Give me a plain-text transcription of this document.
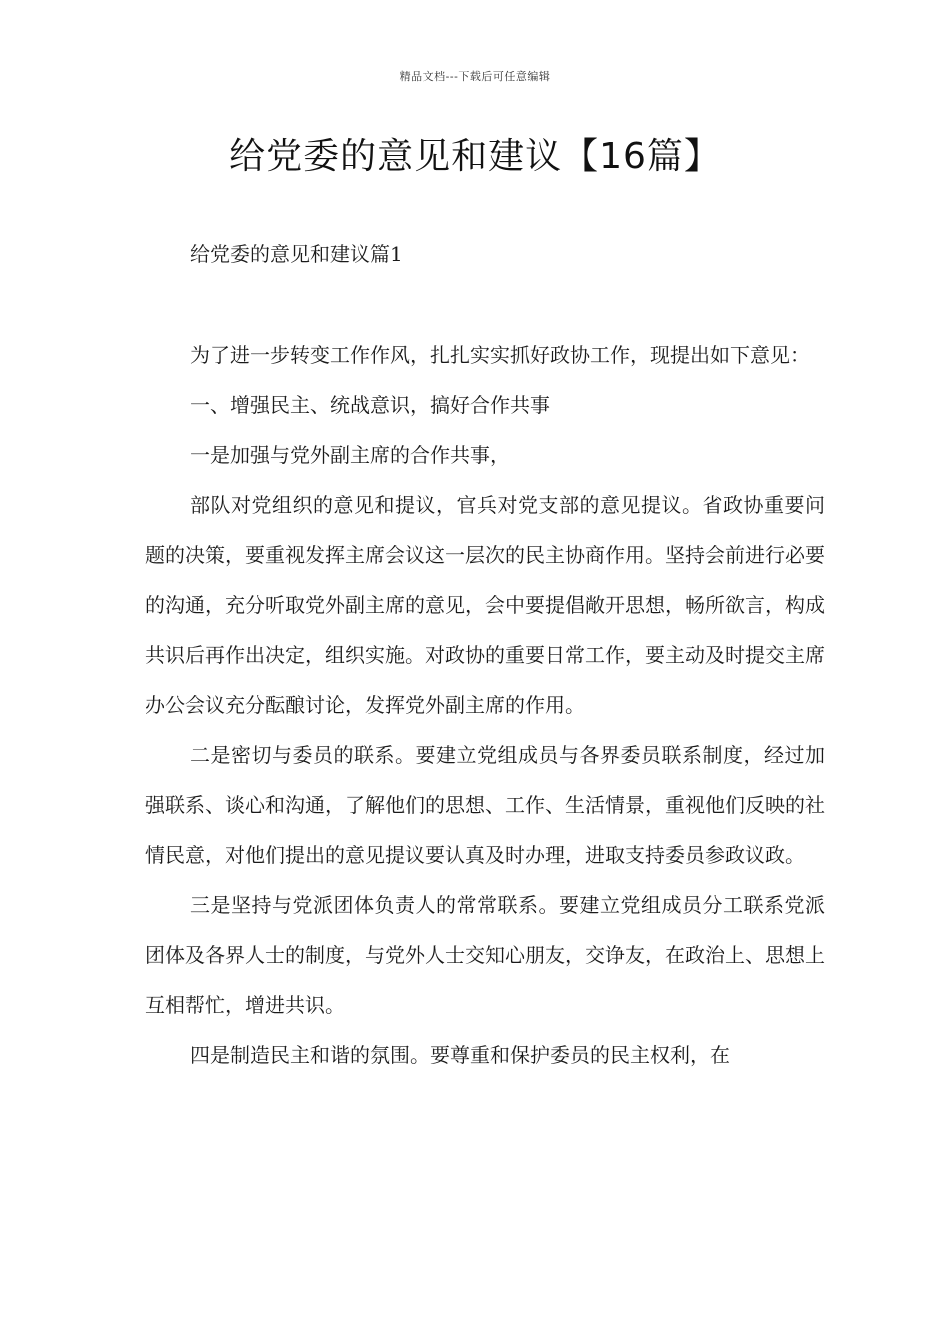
精品文档---下载后可任意编辑
给党委的意见和建议【16篇】
给党委的意见和建议篇1

为了进一步转变工作作风，扎扎实实抓好政协工作，现提出如下意见：

一、增强民主、统战意识，搞好合作共事

一是加强与党外副主席的合作共事，

部队对党组织的意见和提议，官兵对党支部的意见提议。省政协重要问题的决策，要重视发挥主席会议这一层次的民主协商作用。坚持会前进行必要的沟通，充分听取党外副主席的意见，会中要提倡敞开思想，畅所欲言，构成共识后再作出决定，组织实施。对政协的重要日常工作，要主动及时提交主席办公会议充分酝酿讨论，发挥党外副主席的作用。

二是密切与委员的联系。要建立党组成员与各界委员联系制度，经过加强联系、谈心和沟通，了解他们的思想、工作、生活情景，重视他们反映的社情民意，对他们提出的意见提议要认真及时办理，进取支持委员参政议政。

三是坚持与党派团体负责人的常常联系。要建立党组成员分工联系党派团体及各界人士的制度，与党外人士交知心朋友，交诤友，在政治上、思想上互相帮忙，增进共识。

四是制造民主和谐的氛围。要尊重和保护委员的民主权利，在
